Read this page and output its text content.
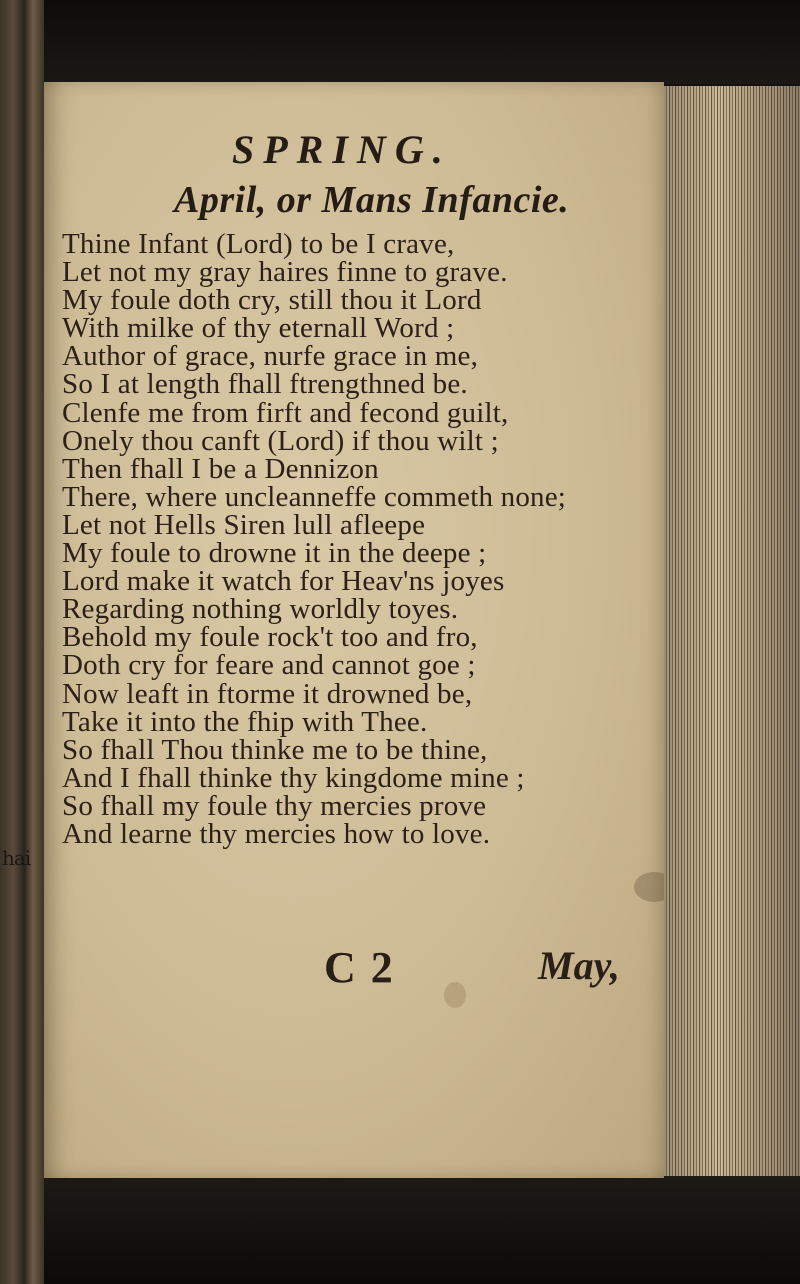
hai
SPRING.
April, or Mans Infancie.
Thine Infant (Lord) to be I crave,
Let not my gray haires finne to grave.
My foule doth cry, still thou it Lord
With milke of thy eternall Word ;
Author of grace, nurfe grace in me,
So I at length fhall ftrengthned be.
Clenfe me from firft and fecond guilt,
Onely thou canft (Lord) if thou wilt ;
Then fhall I be a Dennizon
There, where uncleanneffe commeth none;
Let not Hells Siren lull afleepe
My foule to drowne it in the deepe ;
Lord make it watch for Heav'ns joyes
Regarding nothing worldly toyes.
Behold my foule rock't too and fro,
Doth cry for feare and cannot goe ;
Now leaft in ftorme it drowned be,
Take it into the fhip with Thee.
So fhall Thou thinke me to be thine,
And I fhall thinke thy kingdome mine ;
So fhall my foule thy mercies prove
And learne thy mercies how to love.
C 2	May,
